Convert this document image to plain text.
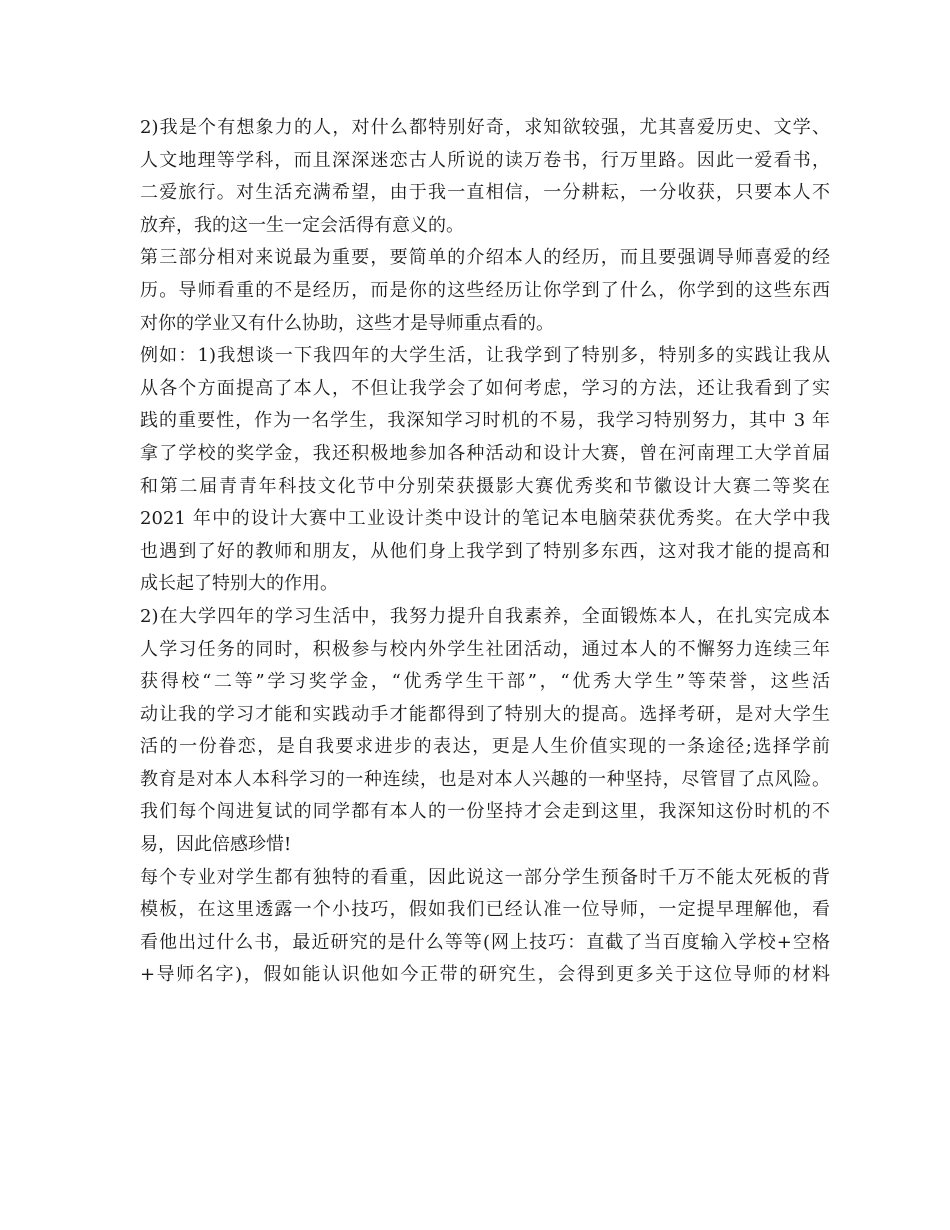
2)我是个有想象力的人，对什么都特别好奇，求知欲较强，尤其喜爱历史、文学、
人文地理等学科，而且深深迷恋古人所说的读万卷书，行万里路。因此一爱看书，
二爱旅行。对生活充满希望，由于我一直相信，一分耕耘，一分收获，只要本人不
放弃，我的这一生一定会活得有意义的。
第三部分相对来说最为重要，要简单的介绍本人的经历，而且要强调导师喜爱的经
历。导师看重的不是经历，而是你的这些经历让你学到了什么，你学到的这些东西
对你的学业又有什么协助，这些才是导师重点看的。
例如：1)我想谈一下我四年的大学生活，让我学到了特别多，特别多的实践让我从
从各个方面提高了本人，不但让我学会了如何考虑，学习的方法，还让我看到了实
践的重要性，作为一名学生，我深知学习时机的不易，我学习特别努力，其中 3 年
拿了学校的奖学金，我还积极地参加各种活动和设计大赛，曾在河南理工大学首届
和第二届青青年科技文化节中分别荣获摄影大赛优秀奖和节徽设计大赛二等奖在
2021 年中的设计大赛中工业设计类中设计的笔记本电脑荣获优秀奖。在大学中我
也遇到了好的教师和朋友，从他们身上我学到了特别多东西，这对我才能的提高和
成长起了特别大的作用。
2)在大学四年的学习生活中，我努力提升自我素养，全面锻炼本人，在扎实完成本
人学习任务的同时，积极参与校内外学生社团活动，通过本人的不懈努力连续三年
获得校“二等”学习奖学金，“优秀学生干部”，“优秀大学生”等荣誉，这些活
动让我的学习才能和实践动手才能都得到了特别大的提高。选择考研，是对大学生
活的一份眷恋，是自我要求进步的表达，更是人生价值实现的一条途径;选择学前
教育是对本人本科学习的一种连续，也是对本人兴趣的一种坚持，尽管冒了点风险。
我们每个闯进复试的同学都有本人的一份坚持才会走到这里，我深知这份时机的不
易，因此倍感珍惜!
每个专业对学生都有独特的看重，因此说这一部分学生预备时千万不能太死板的背
模板，在这里透露一个小技巧，假如我们已经认准一位导师，一定提早理解他，看
看他出过什么书，最近研究的是什么等等(网上技巧：直截了当百度输入学校+空格
+导师名字)，假如能认识他如今正带的研究生，会得到更多关于这位导师的材料
